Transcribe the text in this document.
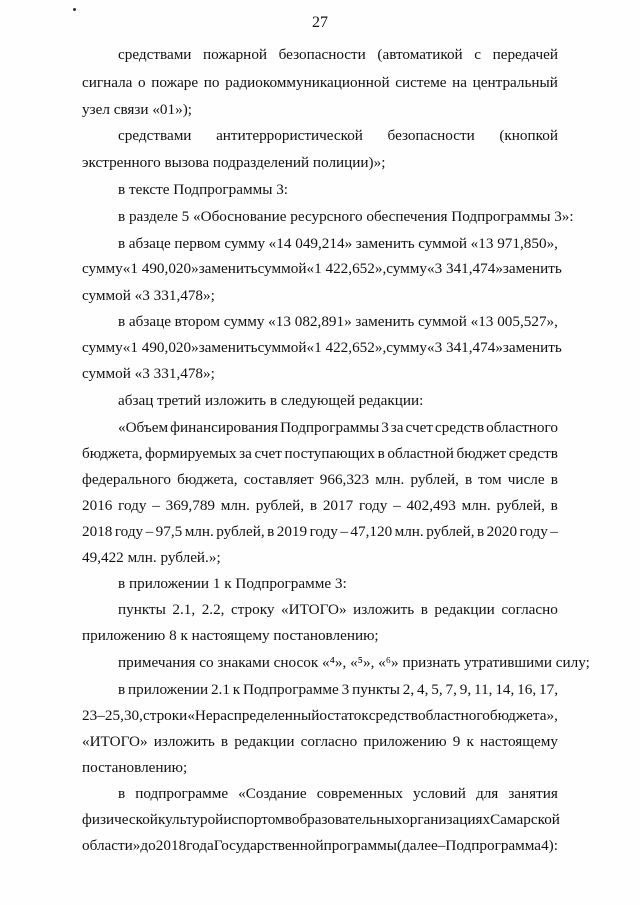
27
средствами пожарной безопасности (автоматикой с передачей
сигнала о пожаре по радиокоммуникационной системе на центральный
узел связи «01»);
средствами антитеррористической безопасности (кнопкой
экстренного вызова подразделений полиции)»;
в тексте Подпрограммы 3:
в разделе 5 «Обоснование ресурсного обеспечения Подпрограммы 3»:
в абзаце первом сумму «14 049,214» заменить суммой «13 971,850»,
сумму «1 490,020» заменить суммой «1 422,652», сумму «3 341,474» заменить
суммой «3 331,478»;
в абзаце втором сумму «13 082,891» заменить суммой «13 005,527»,
сумму «1 490,020» заменить суммой «1 422,652», сумму «3 341,474» заменить
суммой «3 331,478»;
абзац третий изложить в следующей редакции:
«Объем финансирования Подпрограммы 3 за счет средств областного
бюджета, формируемых за счет поступающих в областной бюджет средств
федерального бюджета, составляет 966,323 млн. рублей, в том числе в
2016 году – 369,789 млн. рублей, в 2017 году – 402,493 млн. рублей, в
2018 году – 97,5 млн. рублей, в 2019 году – 47,120 млн. рублей, в 2020 году –
49,422 млн. рублей.»;
в приложении 1 к Подпрограмме 3:
пункты 2.1, 2.2, строку «ИТОГО» изложить в редакции согласно
приложению 8 к настоящему постановлению;
примечания со знаками сносок «⁴», «⁵», «⁶» признать утратившими силу;
в приложении 2.1 к Подпрограмме 3 пункты 2, 4, 5, 7, 9, 11, 14, 16, 17,
23 – 25, 30, строки «Нераспределенный остаток средств областного бюджета»,
«ИТОГО» изложить в редакции согласно приложению 9 к настоящему
постановлению;
в подпрограмме «Создание современных условий для занятия
физической культурой и спортом в образовательных организациях Самарской
области» до 2018 года Государственной программы (далее – Подпрограмма 4):
